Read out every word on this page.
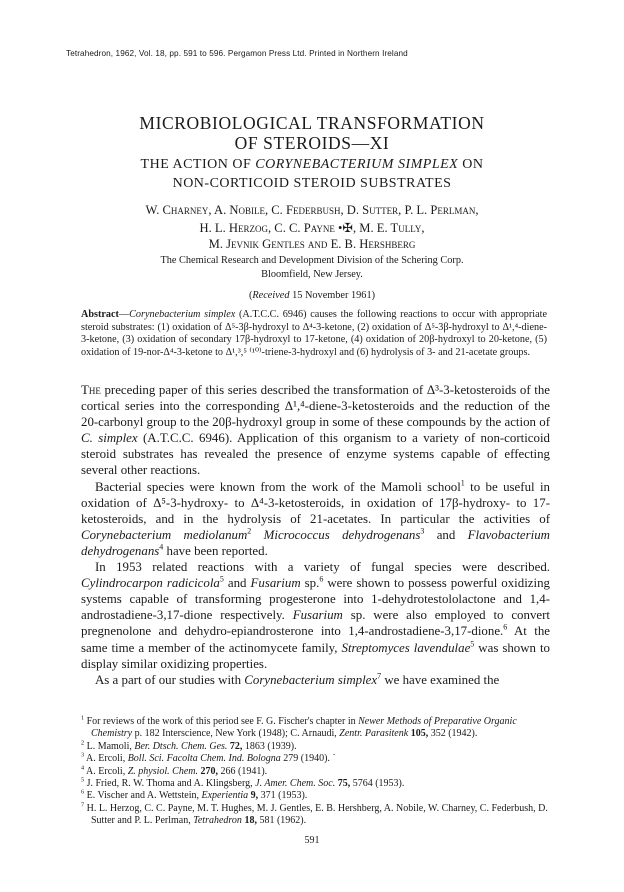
Tetrahedron, 1962, Vol. 18, pp. 591 to 596. Pergamon Press Ltd. Printed in Northern Ireland
MICROBIOLOGICAL TRANSFORMATION
OF STEROIDS—XI
THE ACTION OF CORYNEBACTERIUM SIMPLEX ON
NON-CORTICOID STEROID SUBSTRATES
W. Charney, A. Nobile, C. Federbush, D. Sutter, P. L. Perlman,
H. L. Herzog, C. C. Payne •✠, M. E. Tully,
M. Jevnik Gentles and E. B. Hershberg
The Chemical Research and Development Division of the Schering Corp.
Bloomfield, New Jersey.
(Received 15 November 1961)
Abstract—Corynebacterium simplex (A.T.C.C. 6946) causes the following reactions to occur with appropriate steroid substrates: (1) oxidation of Δ⁵-3β-hydroxyl to Δ⁴-3-ketone, (2) oxidation of Δ⁵-3β-hydroxyl to Δ¹,⁴-diene-3-ketone, (3) oxidation of secondary 17β-hydroxyl to 17-ketone, (4) oxidation of 20β-hydroxyl to 20-ketone, (5) oxidation of 19-nor-Δ⁴-3-ketone to Δ¹,³,⁵ ⁽¹⁰⁾-triene-3-hydroxyl and (6) hydrolysis of 3- and 21-acetate groups.

The preceding paper of this series described the transformation of Δ³-3-ketosteroids of the cortical series into the corresponding Δ¹,⁴-diene-3-ketosteroids and the reduction of the 20-carbonyl group to the 20β-hydroxyl group in some of these compounds by the action of C. simplex (A.T.C.C. 6946). Application of this organism to a variety of non-corticoid steroid substrates has revealed the presence of enzyme systems capable of effecting several other reactions.

Bacterial species were known from the work of the Mamoli school$^1$ to be useful in oxidation of Δ⁵-3-hydroxy- to Δ⁴-3-ketosteroids, in oxidation of 17β-hydroxy- to 17-ketosteroids, and in the hydrolysis of 21-acetates. In particular the activities of Corynebacterium mediolanum$^2$ Micrococcus dehydrogenans$^3$ and Flavobacterium dehydrogenans$^4$ have been reported.

In 1953 related reactions with a variety of fungal species were described. Cylindrocarpon radicicola$^5$ and Fusarium sp.$^6$ were shown to possess powerful oxidizing systems capable of transforming progesterone into 1-dehydrotestololactone and 1,4-androstadiene-3,17-dione respectively. Fusarium sp. were also employed to convert pregnenolone and dehydro-epiandrosterone into 1,4-androstadiene-3,17-dione.$^6$ At the same time a member of the actinomycete family, Streptomyces lavendulae$^5$ was shown to display similar oxidizing properties.

As a part of our studies with Corynebacterium simplex$^7$ we have examined the

$^1$ For reviews of the work of this period see F. G. Fischer's chapter in Newer Methods of Preparative Organic Chemistry p. 182 Interscience, New York (1948); C. Arnaudi, Zentr. Parasitenk 105, 352 (1942).
$^2$ L. Mamoli, Ber. Dtsch. Chem. Ges. 72, 1863 (1939).
$^3$ A. Ercoli, Boll. Sci. Facolta Chem. Ind. Bologna 279 (1940). ˙
$^4$ A. Ercoli, Z. physiol. Chem. 270, 266 (1941).
$^5$ J. Fried, R. W. Thoma and A. Klingsberg, J. Amer. Chem. Soc. 75, 5764 (1953).
$^6$ E. Vischer and A. Wettstein, Experientia 9, 371 (1953).
$^7$ H. L. Herzog, C. C. Payne, M. T. Hughes, M. J. Gentles, E. B. Hershberg, A. Nobile, W. Charney, C. Federbush, D. Sutter and P. L. Perlman, Tetrahedron 18, 581 (1962).
591
